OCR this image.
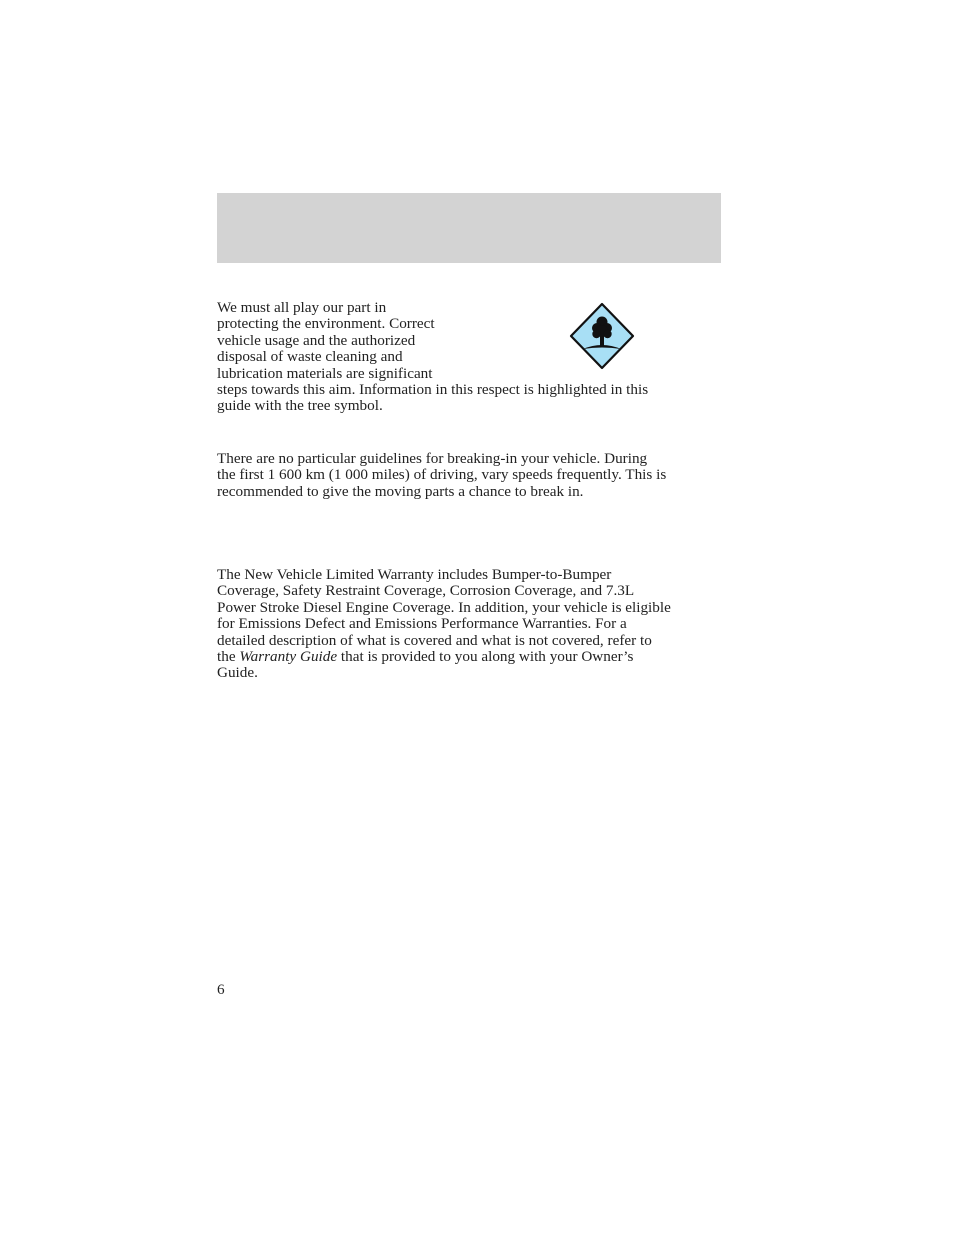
We must all play our part in
protecting the environment. Correct
vehicle usage and the authorized
disposal of waste cleaning and
lubrication materials are significant
steps towards this aim. Information in this respect is highlighted in this
guide with the tree symbol.
There are no particular guidelines for breaking-in your vehicle. During
the first 1 600 km (1 000 miles) of driving, vary speeds frequently. This is
recommended to give the moving parts a chance to break in.
The New Vehicle Limited Warranty includes Bumper-to-Bumper
Coverage, Safety Restraint Coverage, Corrosion Coverage, and 7.3L
Power Stroke Diesel Engine Coverage. In addition, your vehicle is eligible
for Emissions Defect and Emissions Performance Warranties. For a
detailed description of what is covered and what is not covered, refer to
the Warranty Guide that is provided to you along with your Owner’s
Guide.
6
